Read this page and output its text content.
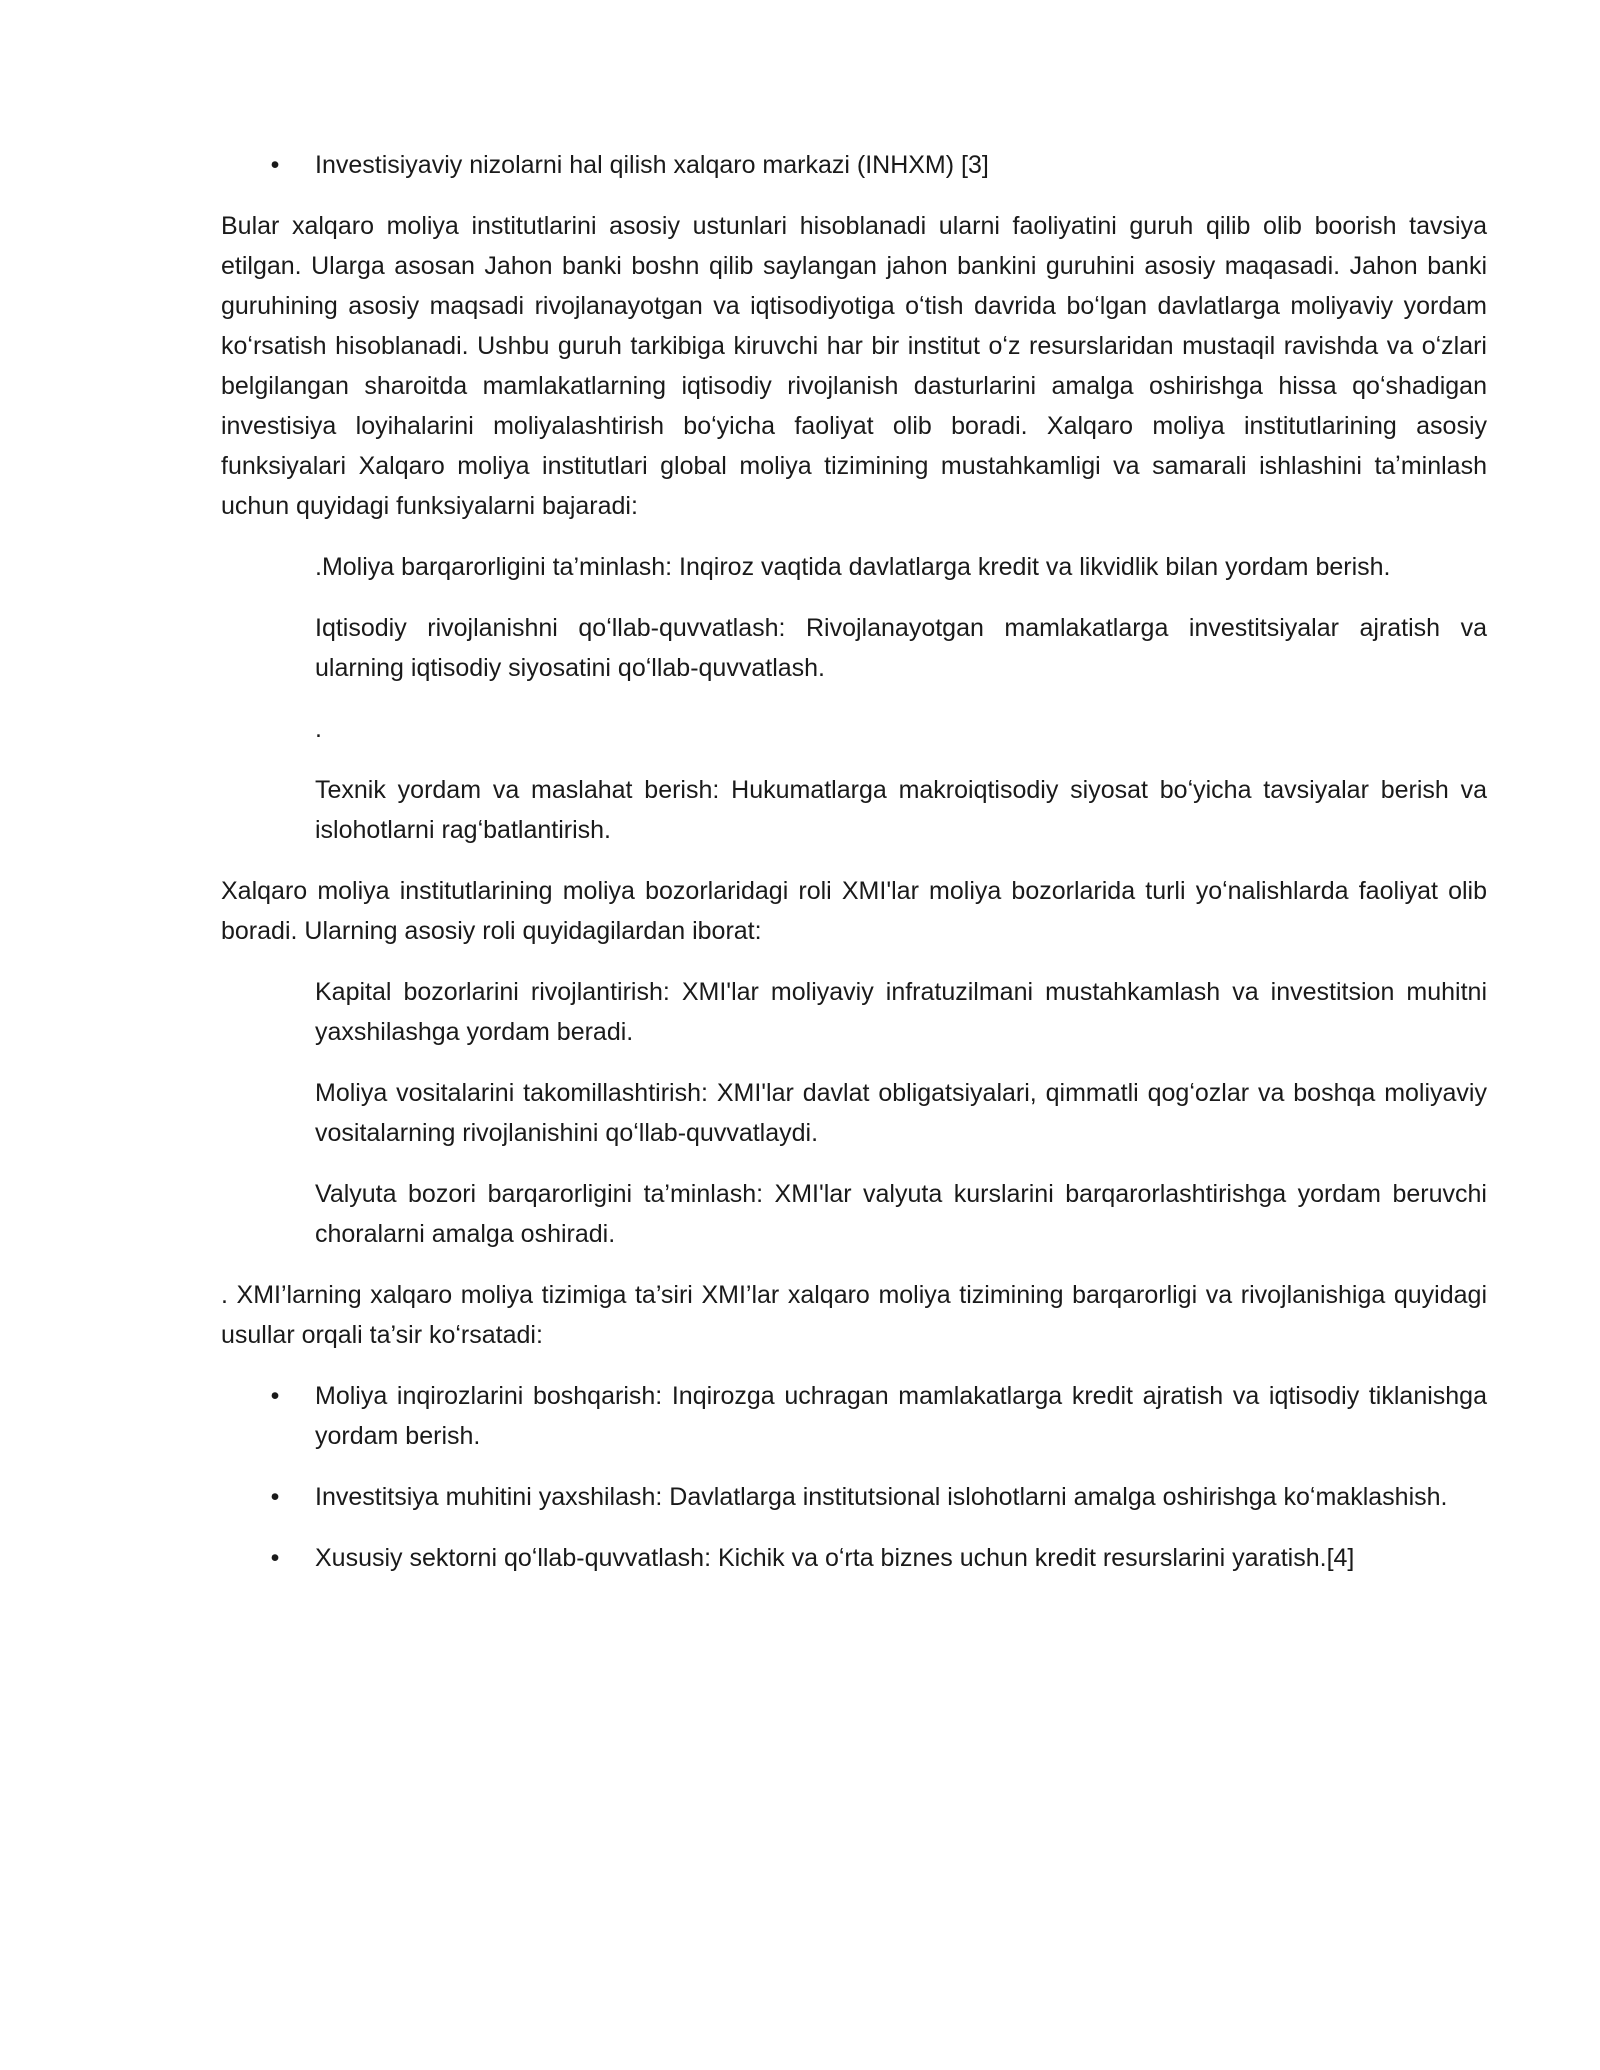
• Investisiyaviy nizolarni hal qilish xalqaro markazi (INHXM) [3]

Bular xalqaro moliya institutlarini asosiy ustunlari hisoblanadi ularni faoliyatini guruh qilib olib boorish tavsiya etilgan. Ularga asosan Jahon banki boshn qilib saylangan jahon bankini guruhini asosiy maqasadi. Jahon banki guruhining asosiy maqsadi rivojlanayotgan va iqtisodiyotiga oʻtish davrida boʻlgan davlatlarga moliyaviy yordam koʻrsatish hisoblanadi. Ushbu guruh tarkibiga kiruvchi har bir institut oʻz resurslaridan mustaqil ravishda va oʻzlari belgilangan sharoitda mamlakatlarning iqtisodiy rivojlanish dasturlarini amalga oshirishga hissa qoʻshadigan investisiya loyihalarini moliyalashtirish boʻyicha faoliyat olib boradi. Xalqaro moliya institutlarining asosiy funksiyalari Xalqaro moliya institutlari global moliya tizimining mustahkamligi va samarali ishlashini taʼminlash uchun quyidagi funksiyalarni bajaradi:

.Moliya barqarorligini ta’minlash: Inqiroz vaqtida davlatlarga kredit va likvidlik bilan yordam berish.

Iqtisodiy rivojlanishni qoʻllab-quvvatlash: Rivojlanayotgan mamlakatlarga investitsiyalar ajratish va ularning iqtisodiy siyosatini qoʻllab-quvvatlash.

.

Texnik yordam va maslahat berish: Hukumatlarga makroiqtisodiy siyosat boʻyicha tavsiyalar berish va islohotlarni ragʻbatlantirish.

Xalqaro moliya institutlarining moliya bozorlaridagi roli XMI'lar moliya bozorlarida turli yoʻnalishlarda faoliyat olib boradi. Ularning asosiy roli quyidagilardan iborat:

Kapital bozorlarini rivojlantirish: XMI'lar moliyaviy infratuzilmani mustahkamlash va investitsion muhitni yaxshilashga yordam beradi.

Moliya vositalarini takomillashtirish: XMI'lar davlat obligatsiyalari, qimmatli qogʻozlar va boshqa moliyaviy vositalarning rivojlanishini qoʻllab-quvvatlaydi.

Valyuta bozori barqarorligini ta’minlash: XMI'lar valyuta kurslarini barqarorlashtirishga yordam beruvchi choralarni amalga oshiradi.

. XMI’larning xalqaro moliya tizimiga ta’siri XMI’lar xalqaro moliya tizimining barqarorligi va rivojlanishiga quyidagi usullar orqali ta’sir koʻrsatadi:

• Moliya inqirozlarini boshqarish: Inqirozga uchragan mamlakatlarga kredit ajratish va iqtisodiy tiklanishga yordam berish.
• Investitsiya muhitini yaxshilash: Davlatlarga institutsional islohotlarni amalga oshirishga koʻmaklashish.
• Xususiy sektorni qoʻllab-quvvatlash: Kichik va oʻrta biznes uchun kredit resurslarini yaratish.[4]
